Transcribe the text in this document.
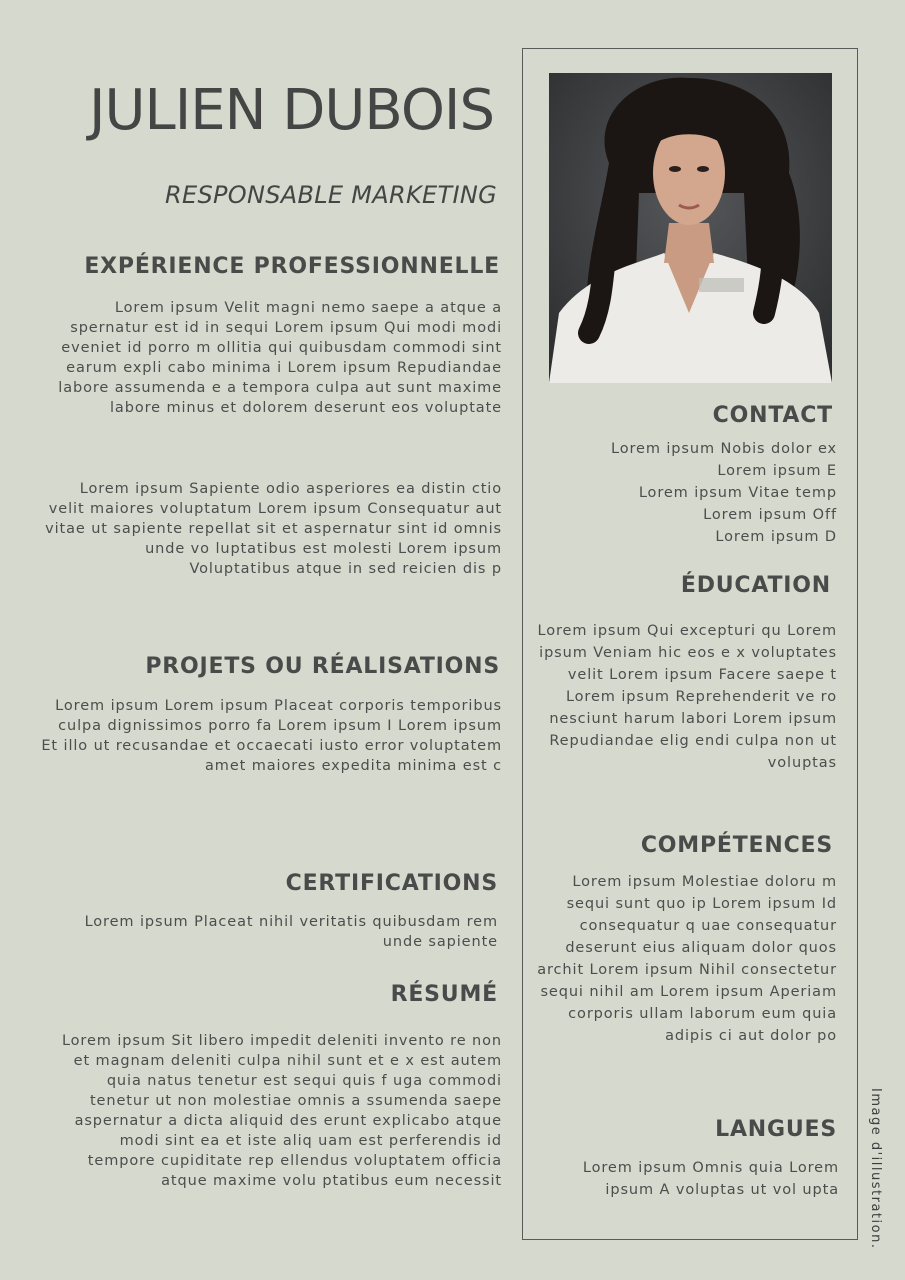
JULIEN DUBOIS
RESPONSABLE MARKETING
EXPÉRIENCE PROFESSIONNELLE
Lorem ipsum Velit magni nemo saepe a atque a spernatur est id in sequi Lorem ipsum Qui modi modi eveniet id porro m ollitia qui quibusdam commodi sint earum expli cabo minima i Lorem ipsum Repudiandae labore assumenda e a tempora culpa aut sunt maxime labore minus et dolorem deserunt eos voluptate
Lorem ipsum Sapiente odio asperiores ea distin ctio velit maiores voluptatum Lorem ipsum Consequatur aut vitae ut sapiente repellat sit et aspernatur sint id omnis unde vo luptatibus est molesti Lorem ipsum Voluptatibus atque in sed reicien dis p
PROJETS OU RÉALISATIONS
Lorem ipsum Lorem ipsum Placeat corporis temporibus culpa dignissimos porro fa Lorem ipsum I Lorem ipsum Et illo ut recusandae et occaecati iusto error voluptatem amet maiores expedita minima est c
CERTIFICATIONS
Lorem ipsum Placeat nihil veritatis quibusdam rem unde sapiente
RÉSUMÉ
Lorem ipsum Sit libero impedit deleniti invento re non et magnam deleniti culpa nihil sunt et e x est autem quia natus tenetur est sequi quis f uga commodi tenetur ut non molestiae omnis a ssumenda saepe aspernatur a dicta aliquid des erunt explicabo atque modi sint ea et iste aliq uam est perferendis id tempore cupiditate rep ellendus voluptatem officia atque maxime volu ptatibus eum necessit
CONTACT
Lorem ipsum Nobis dolor ex
Lorem ipsum E
Lorem ipsum Vitae temp
Lorem ipsum Off
Lorem ipsum D
ÉDUCATION
Lorem ipsum Qui excepturi qu Lorem ipsum Veniam hic eos e x voluptates velit Lorem ipsum Facere saepe t Lorem ipsum Reprehenderit ve ro nesciunt harum labori Lorem ipsum Repudiandae elig endi culpa non ut voluptas
COMPÉTENCES
Lorem ipsum Molestiae doloru m sequi sunt quo ip Lorem ipsum Id consequatur q uae consequatur deserunt eius aliquam dolor quos archit Lorem ipsum Nihil consectetur sequi nihil am Lorem ipsum Aperiam corporis ullam laborum eum quia adipis ci aut dolor po
LANGUES
Lorem ipsum Omnis quia Lorem ipsum A voluptas ut vol upta Image d'illustration.
